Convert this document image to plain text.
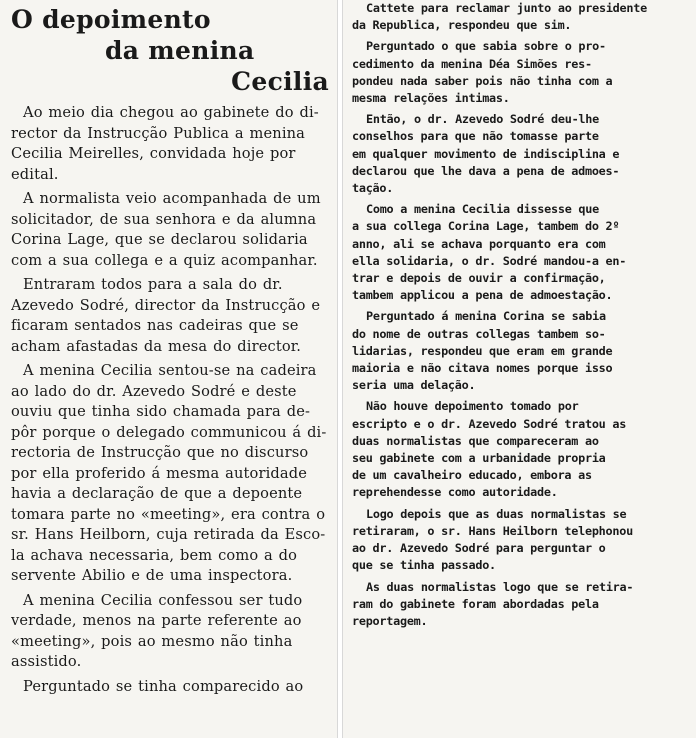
O depoimento
da menina
Cecilia
Ao meio dia chegou ao gabinete do di-
rector da Instrucção Publica a menina
Cecilia Meirelles, convidada hoje por
edital.
A normalista veio acompanhada de um
solicitador, de sua senhora e da alumna
Corina Lage, que se declarou solidaria
com a sua collega e a quiz acompanhar.
Entraram todos para a sala do dr.
Azevedo Sodré, director da Instrucção e
ficaram sentados nas cadeiras que se
acham afastadas da mesa do director.
A menina Cecilia sentou-se na cadeira
ao lado do dr. Azevedo Sodré e deste
ouviu que tinha sido chamada para de-
pôr porque o delegado communicou á di-
rectoria de Instrucção que no discurso
por ella proferido á mesma autoridade
havia a declaração de que a depoente
tomara parte no «meeting», era contra o
sr. Hans Heilborn, cuja retirada da Esco-
la achava necessaria, bem como a do
servente Abilio e de uma inspectora.
A menina Cecilia confessou ser tudo
verdade, menos na parte referente ao
«meeting», pois ao mesmo não tinha
assistido.
Perguntado se tinha comparecido ao
Cattete para reclamar junto ao presidente
da Republica, respondeu que sim.
Perguntado o que sabia sobre o pro-
cedimento da menina Déa Simões res-
pondeu nada saber pois não tinha com a
mesma relações intimas.
Então, o dr. Azevedo Sodré deu-lhe
conselhos para que não tomasse parte
em qualquer movimento de indisciplina e
declarou que lhe dava a pena de admoes-
tação.
Como a menina Cecilia dissesse que
a sua collega Corina Lage, tambem do 2º
anno, ali se achava porquanto era com
ella solidaria, o dr. Sodré mandou-a en-
trar e depois de ouvir a confirmação,
tambem applicou a pena de admoestação.
Perguntado á menina Corina se sabia
do nome de outras collegas tambem so-
lidarias, respondeu que eram em grande
maioria e não citava nomes porque isso
seria uma delação.
Não houve depoimento tomado por
escripto e o dr. Azevedo Sodré tratou as
duas normalistas que compareceram ao
seu gabinete com a urbanidade propria
de um cavalheiro educado, embora as
reprehendesse como autoridade.
Logo depois que as duas normalistas se
retiraram, o sr. Hans Heilborn telephonou
ao dr. Azevedo Sodré para perguntar o
que se tinha passado.
As duas normalistas logo que se retira-
ram do gabinete foram abordadas pela
reportagem.
